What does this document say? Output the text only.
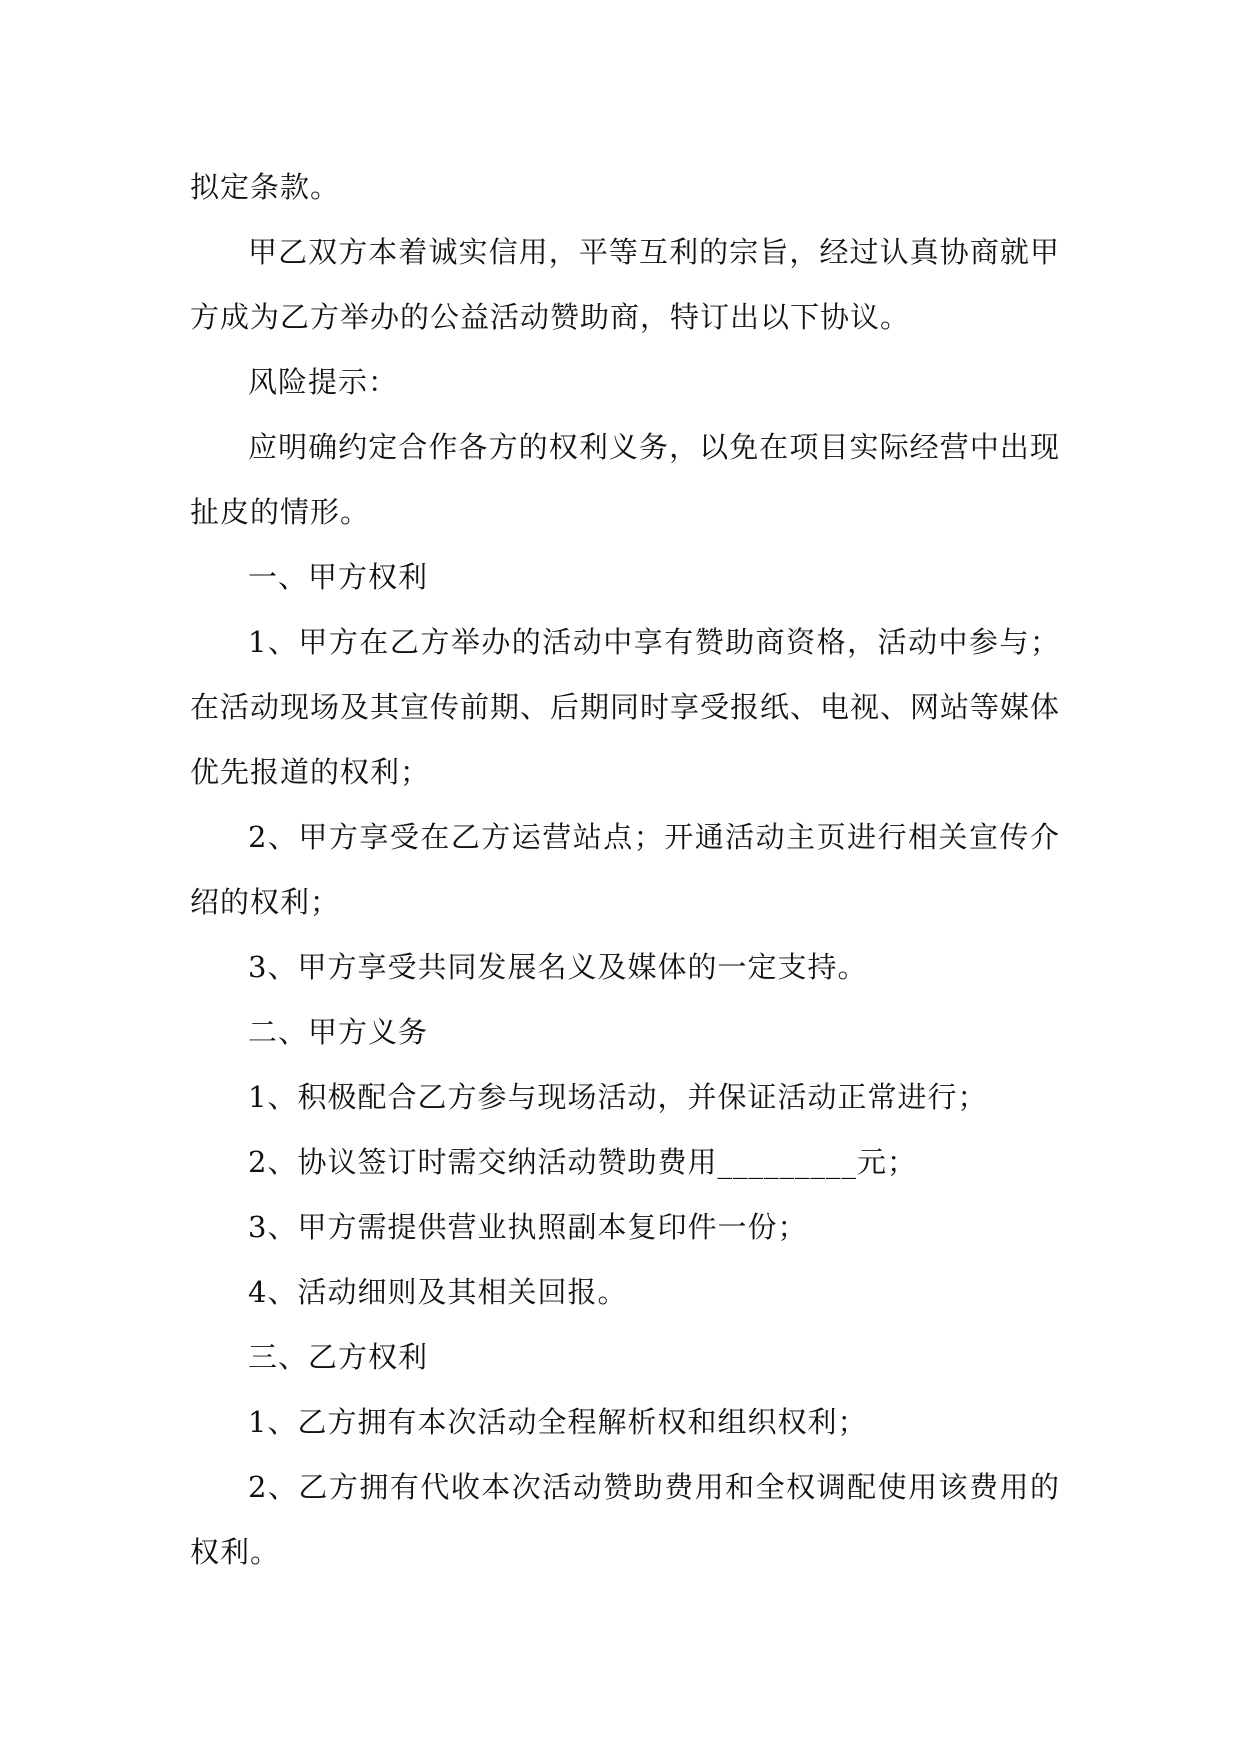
拟定条款。

甲乙双方本着诚实信用，平等互利的宗旨，经过认真协商就甲方成为乙方举办的公益活动赞助商，特订出以下协议。

风险提示：

应明确约定合作各方的权利义务，以免在项目实际经营中出现扯皮的情形。

一、甲方权利

1、甲方在乙方举办的活动中享有赞助商资格，活动中参与；在活动现场及其宣传前期、后期同时享受报纸、电视、网站等媒体优先报道的权利；

2、甲方享受在乙方运营站点；开通活动主页进行相关宣传介绍的权利；

3、甲方享受共同发展名义及媒体的一定支持。

二、甲方义务

1、积极配合乙方参与现场活动，并保证活动正常进行；

2、协议签订时需交纳活动赞助费用_________元；

3、甲方需提供营业执照副本复印件一份；

4、活动细则及其相关回报。

三、乙方权利

1、乙方拥有本次活动全程解析权和组织权利；

2、乙方拥有代收本次活动赞助费用和全权调配使用该费用的权利。
